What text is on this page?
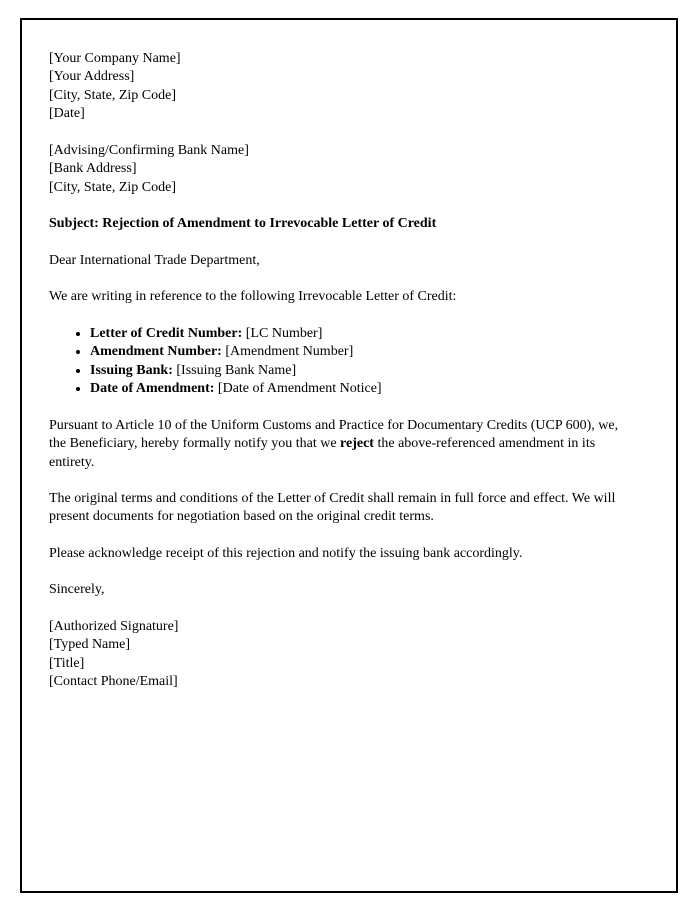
[Your Company Name]
[Your Address]
[City, State, Zip Code]
[Date]
[Advising/Confirming Bank Name]
[Bank Address]
[City, State, Zip Code]

Subject: Rejection of Amendment to Irrevocable Letter of Credit

Dear International Trade Department,

We are writing in reference to the following Irrevocable Letter of Credit:

• Letter of Credit Number: [LC Number]
• Amendment Number: [Amendment Number]
• Issuing Bank: [Issuing Bank Name]
• Date of Amendment: [Date of Amendment Notice]

Pursuant to Article 10 of the Uniform Customs and Practice for Documentary Credits (UCP 600), we, the Beneficiary, hereby formally notify you that we reject the above-referenced amendment in its entirety.

The original terms and conditions of the Letter of Credit shall remain in full force and effect. We will present documents for negotiation based on the original credit terms.

Please acknowledge receipt of this rejection and notify the issuing bank accordingly.

Sincerely,

[Authorized Signature]
[Typed Name]
[Title]
[Contact Phone/Email]
